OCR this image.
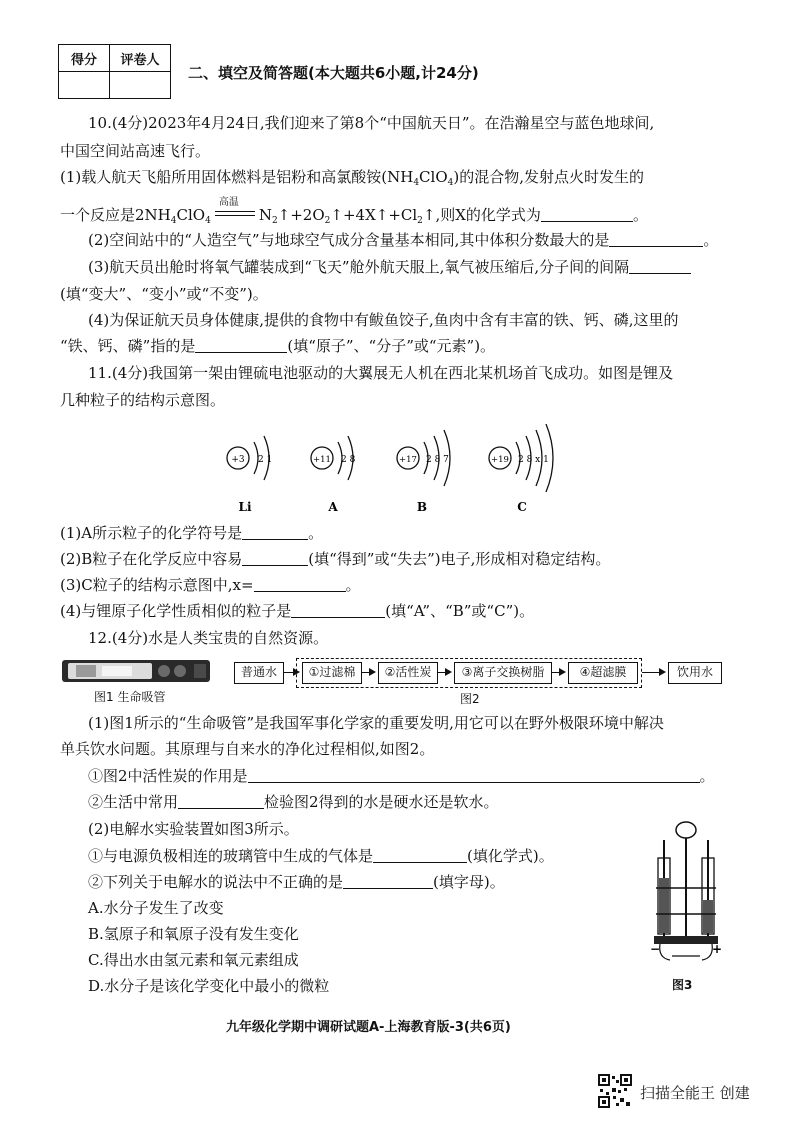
得分	评卷人

二、填空及简答题(本大题共6小题,计24分)
10.(4分)2023年4月24日,我们迎来了第8个“中国航天日”。在浩瀚星空与蓝色地球间,
中国空间站高速飞行。
(1)载人航天飞船所用固体燃料是铝粉和高氯酸铵$(NH_4ClO_4)$的混合物,发射点火时发生的
一个反应是$2NH_4ClO_4$
高温
$N_2↑+2O_2↑+4X↑+Cl_2↑$,则X的化学式为	。
(2)空间站中的“人造空气”与地球空气成分含量基本相同,其中体积分数最大的是	。
(3)航天员出舱时将氧气罐装成到“飞天”舱外航天服上,氧气被压缩后,分子间的间隔
(填“变大”、“变小”或“不变”)。
(4)为保证航天员身体健康,提供的食物中有鲅鱼饺子,鱼肉中含有丰富的铁、钙、磷,这里的
“铁、钙、磷”指的是	(填“原子”、“分子”或“元素”)。
11.(4分)我国第一架由锂硫电池驱动的大翼展无人机在西北某机场首飞成功。如图是锂及
几种粒子的结构示意图。
+3 2 1
Li
+11 2 8
A
+17 2 8 7
B
+19 2 8 x 1
C
(1)A所示粒子的化学符号是	。
(2)B粒子在化学反应中容易	(填“得到”或“失去”)电子,形成相对稳定结构。
(3)C粒子的结构示意图中,x=	。
(4)与锂原子化学性质相似的粒子是	(填“A”、“B”或“C”)。
12.(4分)水是人类宝贵的自然资源。
图1 生命吸管
普通水	①过滤棉	②活性炭	③离子交换树脂	④超滤膜	饮用水
图2
(1)图1所示的“生命吸管”是我国军事化学家的重要发明,用它可以在野外极限环境中解决
单兵饮水问题。其原理与自来水的净化过程相似,如图2。
①图2中活性炭的作用是	。
②生活中常用	检验图2得到的水是硬水还是软水。
(2)电解水实验装置如图3所示。
①与电源负极相连的玻璃管中生成的气体是	(填化学式)。
②下列关于电解水的说法中不正确的是	(填字母)。
A.水分子发生了改变
B.氢原子和氧原子没有发生变化
C.得出水由氢元素和氧元素组成
D.水分子是该化学变化中最小的微粒
−	+
图3
九年级化学期中调研试题A-上海教育版-3(共6页)
扫描全能王 创建
